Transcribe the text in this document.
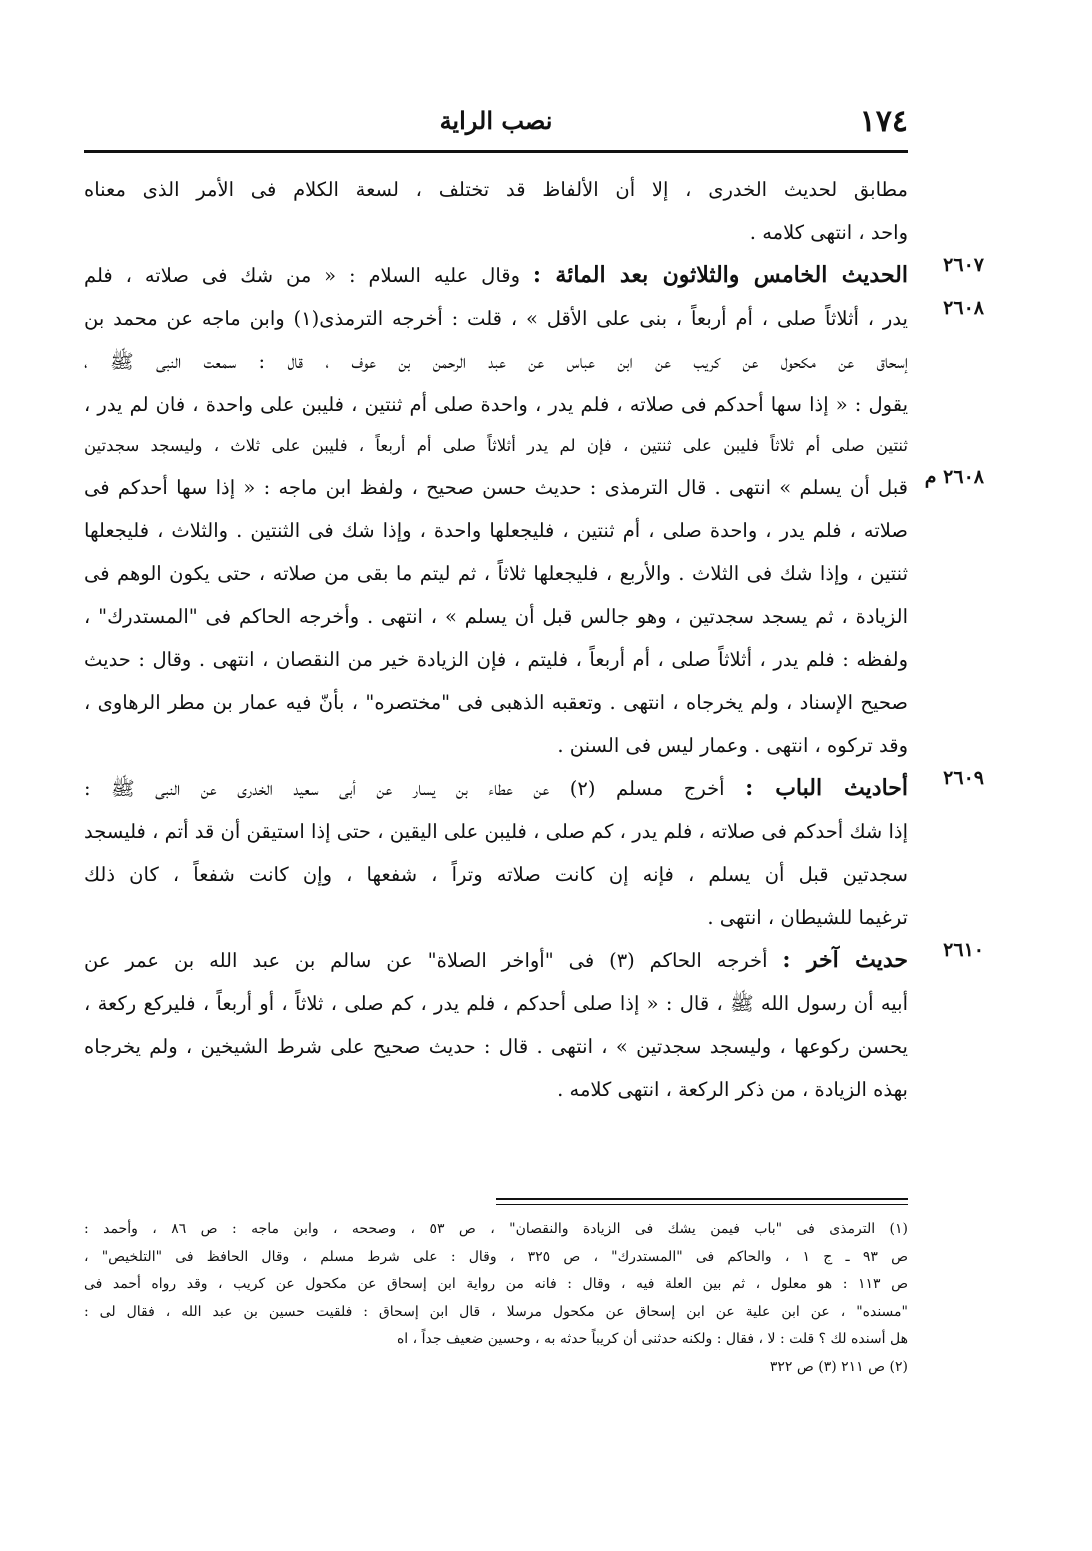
١٧٤
نصب الراية
مطابق لحديث الخدرى ، إلا أن الألفاظ قد تختلف ، لسعة الكلام فى الأمر الذى معناه
واحد ، انتهى كلامه .
٢٦٠٧
الحديث الخامس والثلاثون بعد المائة : وقال عليه السلام : « من شك فى صلاته ، فلم
٢٦٠٨
يدر ، أثلاثاً صلى ، أم أربعاً ، بنى على الأقل » ، قلت : أخرجه الترمذى(١) وابن ماجه عن محمد بن
إسحاق عن مكحول عن كريب عن ابن عباس عن عبد الرحمن بن عوف ، قال : سمعت النبى ﷺ ،
يقول : « إذا سها أحدكم فى صلاته ، فلم يدر ، واحدة صلى أم ثنتين ، فليبن على واحدة ، فان لم يدر ،
ثنتين صلى أم ثلاثاً فليبن على ثنتين ، فإن لم يدر أثلاثاً صلى أم أربعاً ، فليبن على ثلاث ، وليسجد سجدتين
٢٦٠٨ م
قبل أن يسلم » انتهى . قال الترمذى : حديث حسن صحيح ، ولفظ ابن ماجه : « إذا سها أحدكم فى
صلاته ، فلم يدر ، واحدة صلى ، أم ثنتين ، فليجعلها واحدة ، وإذا شك فى الثنتين . والثلاث ، فليجعلها
ثنتين ، وإذا شك فى الثلاث . والأربع ، فليجعلها ثلاثاً ، ثم ليتم ما بقى من صلاته ، حتى يكون الوهم فى
الزيادة ، ثم يسجد سجدتين ، وهو جالس قبل أن يسلم » ، انتهى . وأخرجه الحاكم فى "المستدرك" ،
ولفظه : فلم يدر ، أثلاثاً صلى ، أم أربعاً ، فليتم ، فإن الزيادة خير من النقصان ، انتهى . وقال : حديث
صحيح الإسناد ، ولم يخرجاه ، انتهى . وتعقبه الذهبى فى "مختصره" ، بأنّ فيه عمار بن مطر الرهاوى ،
وقد تركوه ، انتهى . وعمار ليس فى السنن .
٢٦٠٩
أحاديث الباب : أخرج مسلم (٢) عن عطاء بن يسار عن أبى سعيد الخدرى عن النبى ﷺ :
إذا شك أحدكم فى صلاته ، فلم يدر ، كم صلى ، فليبن على اليقين ، حتى إذا استيقن أن قد أتم ، فليسجد
سجدتين قبل أن يسلم ، فإنه إن كانت صلاته وتراً ، شفعها ، وإن كانت شفعاً ، كان ذلك
ترغيما للشيطان ، انتهى .
٢٦١٠
حديث آخر : أخرجه الحاكم (٣) فى "أواخر الصلاة" عن سالم بن عبد الله بن عمر عن
أبيه أن رسول الله ﷺ ، قال : « إذا صلى أحدكم ، فلم يدر ، كم صلى ، ثلاثاً ، أو أربعاً ، فليركع ركعة ،
يحسن ركوعها ، وليسجد سجدتين » ، انتهى . قال : حديث صحيح على شرط الشيخين ، ولم يخرجاه
بهذه الزيادة ، من ذكر الركعة ، انتهى كلامه .
(١) الترمذى فى "باب فيمن يشك فى الزيادة والنقصان" ، ص ٥٣ ، وصححه ، وابن ماجه : ص ٨٦ ، وأحمد :
ص ٩٣ ـ ج ١ ، والحاكم فى "المستدرك" ، ص ٣٢٥ ، وقال : على شرط مسلم ، وقال الحافظ فى "التلخيص" ،
ص ١١٣ : هو معلول ، ثم بين العلة فيه ، وقال : فانه من رواية ابن إسحاق عن مكحول عن كريب ، وقد رواه أحمد فى
"مسنده" ، عن ابن علية عن ابن إسحاق عن مكحول مرسلا ، قال ابن إسحاق : فلقيت حسين بن عبد الله ، فقال لى :
هل أسنده لك ؟ قلت : لا ، فقال : ولكنه حدثنى أن كريباً حدثه به ، وحسين ضعيف جداً ، اه
(٢) ص ٢١١ (٣) ص ٣٢٢
